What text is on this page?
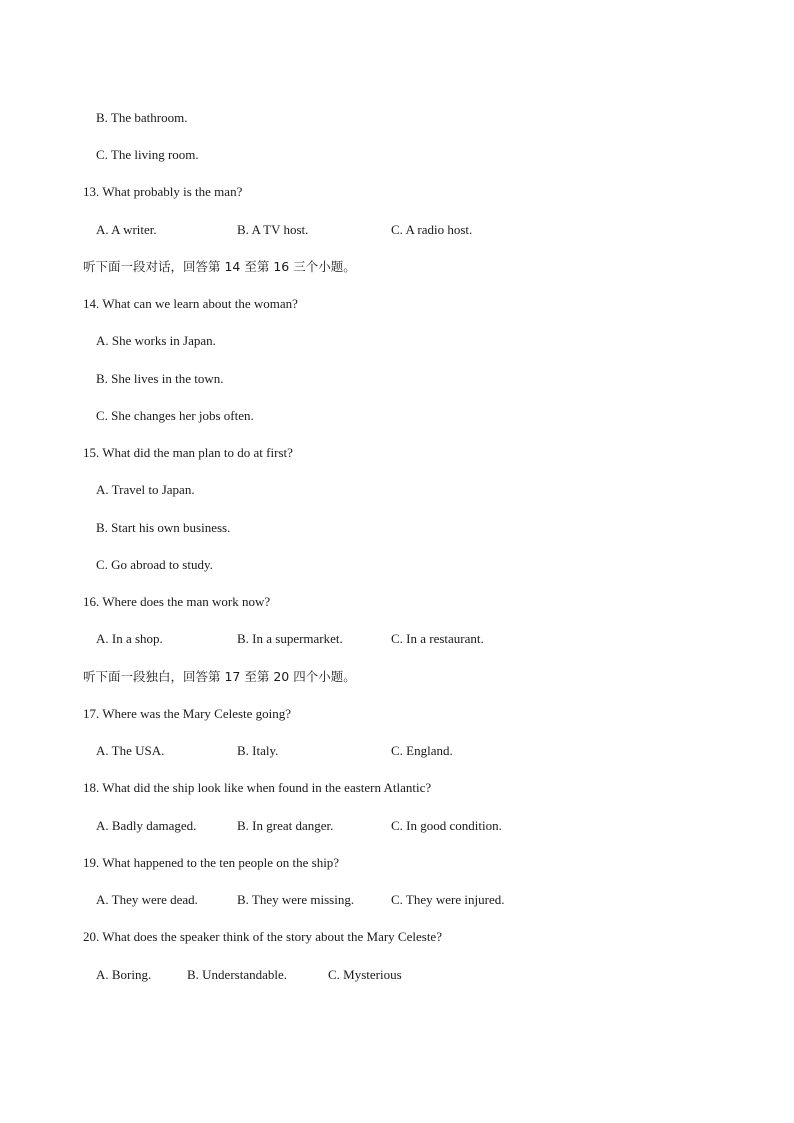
B. The bathroom.
C. The living room.
13. What probably is the man?
A. A writer.	B. A TV host.	C. A radio host.
听下面一段对话，回答第 14 至第 16 三个小题。
14. What can we learn about the woman?
A. She works in Japan.
B. She lives in the town.
C. She changes her jobs often.
15. What did the man plan to do at first?
A. Travel to Japan.
B. Start his own business.
C. Go abroad to study.
16. Where does the man work now?
A. In a shop.	B. In a supermarket.	C. In a restaurant.
听下面一段独白，回答第 17 至第 20 四个小题。
17. Where was the Mary Celeste going?
A. The USA.	B. Italy.	C. England.
18. What did the ship look like when found in the eastern Atlantic?
A. Badly damaged.	B. In great danger.	C. In good condition.
19. What happened to the ten people on the ship?
A. They were dead.	B. They were missing.	C. They were injured.
20. What does the speaker think of the story about the Mary Celeste?
A. Boring.	B. Understandable.	C. Mysterious
